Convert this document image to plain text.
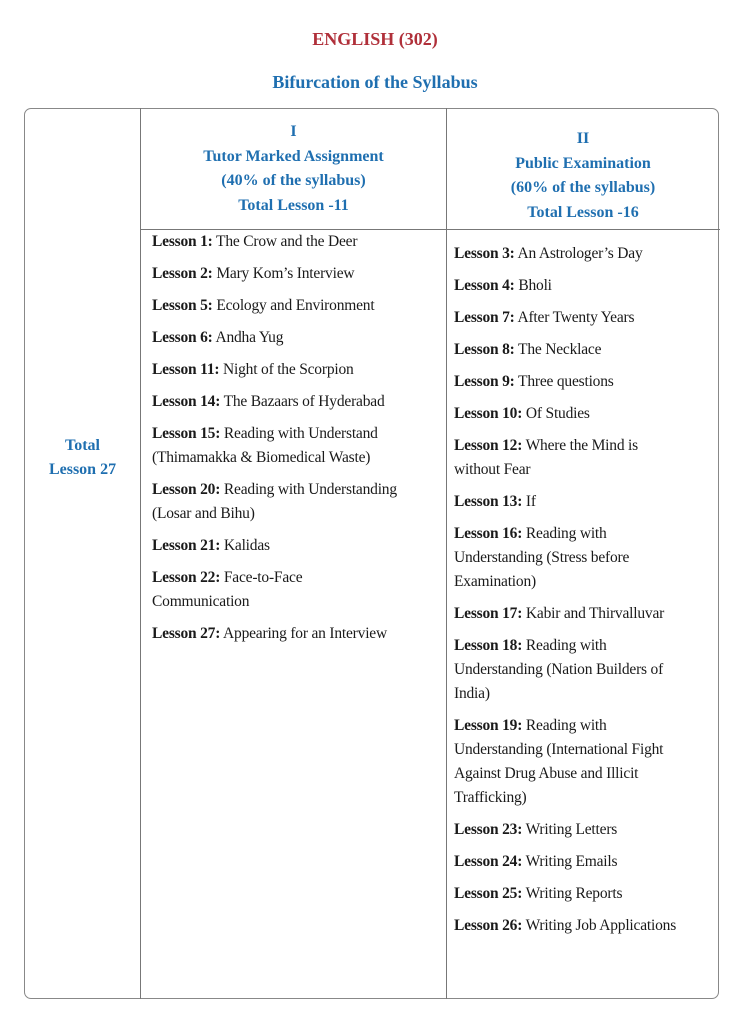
ENGLISH (302)
Bifurcation of the Syllabus
I
Tutor Marked Assignment
(40% of the syllabus)
Total Lesson -11
II
Public Examination
(60% of the syllabus)
Total Lesson -16
Total
Lesson 27
Lesson 1: The Crow and the Deer
Lesson 2: Mary Kom’s Interview
Lesson 5: Ecology and Environment
Lesson 6: Andha Yug
Lesson 11: Night of the Scorpion
Lesson 14: The Bazaars of Hyderabad
Lesson 15: Reading with Understand
(Thimamakka & Biomedical Waste)
Lesson 20: Reading with Understanding
(Losar and Bihu)
Lesson 21: Kalidas
Lesson 22: Face-to-Face
Communication
Lesson 27: Appearing for an Interview
Lesson 3: An Astrologer’s Day
Lesson 4: Bholi
Lesson 7: After Twenty Years
Lesson 8: The Necklace
Lesson 9: Three questions
Lesson 10: Of Studies
Lesson 12: Where the Mind is
without Fear
Lesson 13: If
Lesson 16: Reading with
Understanding (Stress before
Examination)
Lesson 17: Kabir and Thirvalluvar
Lesson 18: Reading with
Understanding (Nation Builders of
India)
Lesson 19: Reading with
Understanding (International Fight
Against Drug Abuse and Illicit
Trafficking)
Lesson 23: Writing Letters
Lesson 24: Writing Emails
Lesson 25: Writing Reports
Lesson 26: Writing Job Applications
